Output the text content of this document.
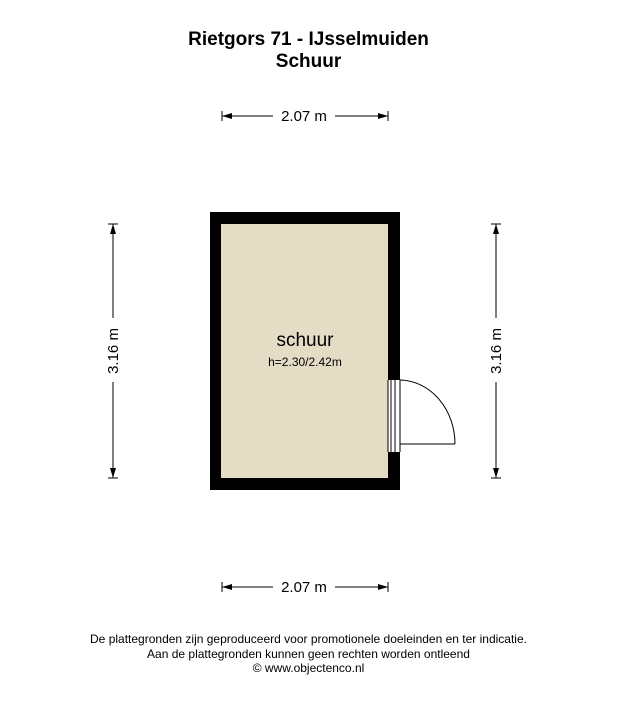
Rietgors 71 - IJsselmuiden
Schuur
2.07 m
2.07 m
3.16 m	3.16 m
schuur
h=2.30/2.42m
De plattegronden zijn geproduceerd voor promotionele doeleinden en ter indicatie.
Aan de plattegronden kunnen geen rechten worden ontleend
© www.objectenco.nl
